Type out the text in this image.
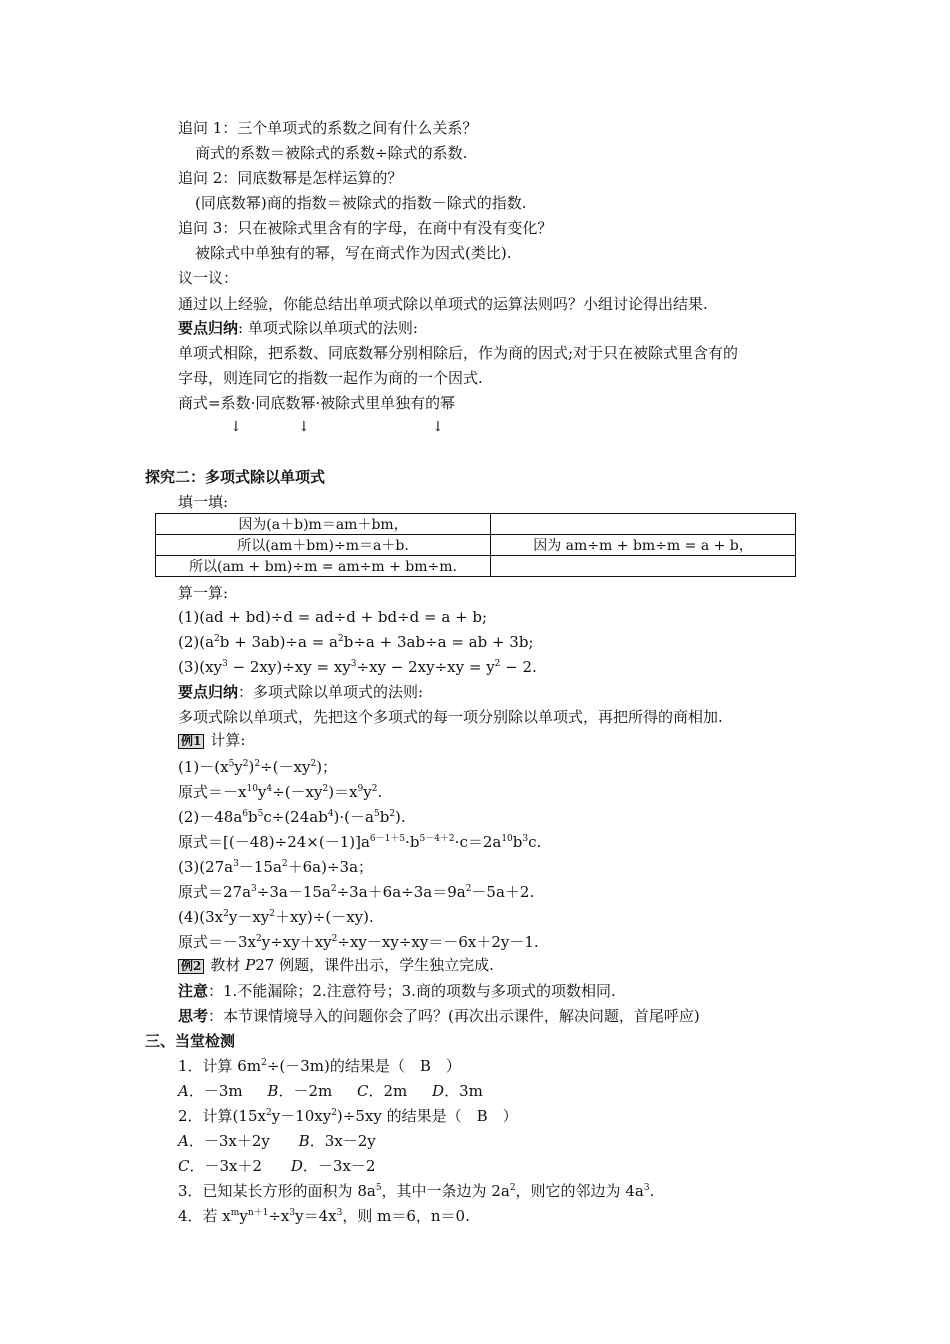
追问 1：三个单项式的系数之间有什么关系？
商式的系数＝被除式的系数÷除式的系数.
追问 2：同底数幂是怎样运算的？
(同底数幂)商的指数＝被除式的指数－除式的指数.
追问 3：只在被除式里含有的字母，在商中有没有变化？
被除式中单独有的幂，写在商式作为因式(类比).
议一议：
通过以上经验，你能总结出单项式除以单项式的运算法则吗？小组讨论得出结果.
要点归纳: 单项式除以单项式的法则:
单项式相除，把系数、同底数幂分别相除后，作为商的因式;对于只在被除式里含有的
字母，则连同它的指数一起作为商的一个因式.
商式=系数·同底数幂·被除式里单独有的幂
↓	↓	↓
探究二：多项式除以单项式
填一填:
因为(a＋b)m＝am＋bm，	
所以(am＋bm)÷m＝a＋b.	因为 am÷m + bm÷m = a + b，
所以(am + bm)÷m = am÷m + bm÷m.	
算一算:
(1)(ad + bd)÷d = ad÷d + bd÷d = a + b;
$(2)(a^2b + 3ab)\div a = a^2b\div a + 3ab\div a$ = ab + 3b;
$(3)(xy^3 - 2xy)\div xy = xy^3\div xy - 2xy\div xy = y^2 - 2$.
要点归纳：多项式除以单项式的法则:
多项式除以单项式，先把这个多项式的每一项分别除以单项式，再把所得的商相加.
例1 计算:
$(1)-(x^5y^2)^2\div(-xy^2)$；
原式$=-x^{10}y^4\div(-xy^2)=x^9y^2$.
$(2)-48a^6b^5c\div(24ab^4)\cdot(-a^5b^2)$.
原式$=[(-48)\div 24\times(-1)]a^{6-1+5}\cdot b^{5-4+2}\cdot c=2a^{10}b^3c$.
$(3)(27a^3-15a^2+6a)\div 3a$；
原式$=27a^3\div 3a-15a^2\div 3a+6a\div 3a=9a^2-5a+2$.
$(4)(3x^2y-xy^2+xy)\div(-xy)$.
原式$=-3x^2y\div xy+xy^2\div xy-xy\div xy=-6x+2y-1$.
例2 教材 P27 例题，课件出示，学生独立完成.
注意：1.不能漏除；2.注意符号；3.商的项数与多项式的项数相同.
思考：本节课情境导入的问题你会了吗？(再次出示课件，解决问题，首尾呼应)
三、当堂检测
1．计算 $6m^2\div(-3m)$的结果是（　B　）
A．－3m B．－2m C．2m D．3m
2．计算$(15x^2y-10xy^2)\div 5xy$ 的结果是（　B　）
A．－3x＋2y B．3x－2y
C．－3x＋2 D．－3x－2
3．已知某长方形的面积为 $8a^5$，其中一条边为 $2a^2$，则它的邻边为 $4a^3$.
4．若 $x^my^{n+1}\div x^3y=4x^3$，则 m＝6，n＝0.
